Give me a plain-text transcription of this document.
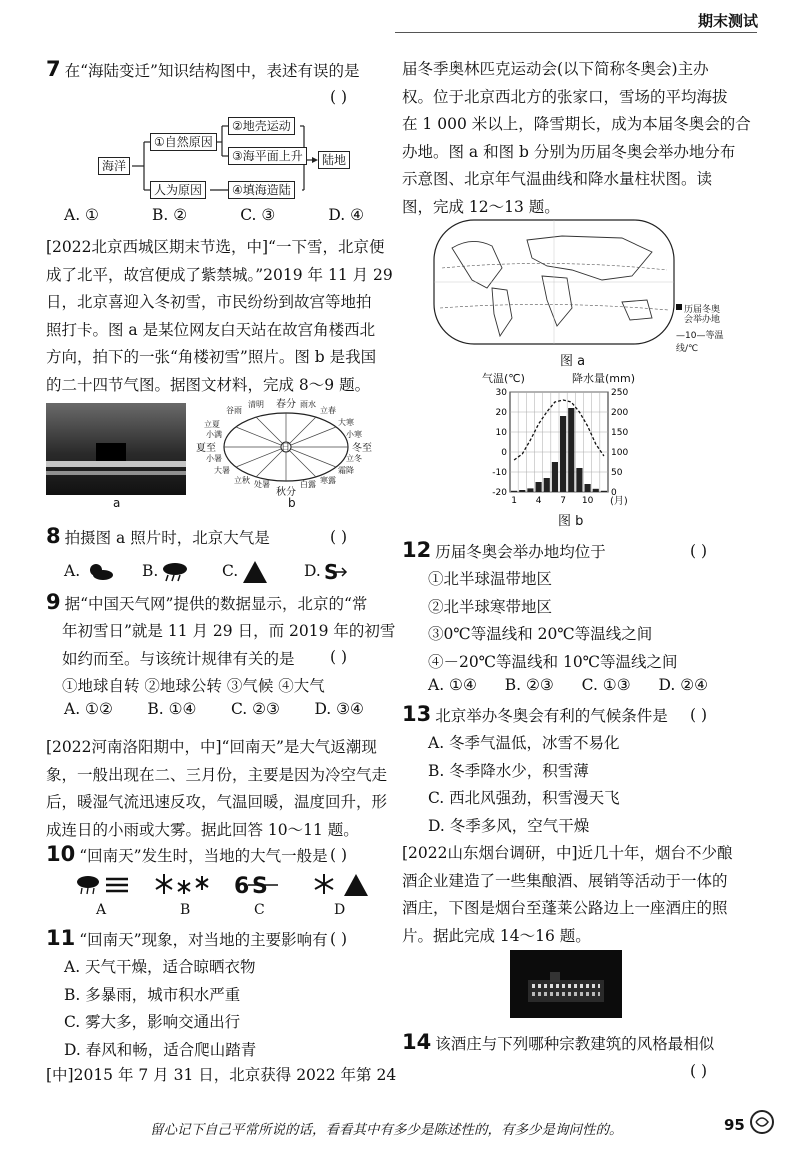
期末测试
7 在“海陆变迁”知识结构图中，表述有误的是
( )
海洋
①自然原因
人为原因
②地壳运动
③海平面上升
④填海造陆
陆地
A. ①	B. ②	C. ③	D. ④
[2022北京西城区期末节选，中]“一下雪，北京便
成了北平，故宫便成了紫禁城。”2019 年 11 月 29
日，北京喜迎入冬初雪，市民纷纷到故宫等地拍
照打卡。图 a 是某位网友白天站在故宫角楼西北
方向，拍下的一张“角楼初雪”照片。图 b 是我国
的二十四节气图。据图文材料，完成 8～9 题。
a
春分
秋分
夏至	冬至
日
谷雨
清明
立夏
小满
小暑
大暑
立秋 处暑	白露 寒露
霜降
立冬
小寒
大寒
立春
雨水
b
8 拍摄图 a 照片时，北京大气是	( )
A.	B.	C.	D. S
9 据“中国天气网”提供的数据显示，北京的“常
年初雪日”就是 11 月 29 日，而 2019 年的初雪
如约而至。与该统计规律有关的是
①地球自转 ②地球公转 ③气候 ④大气
( )
A. ①② B. ①④ C. ②③ D. ③④
[2022河南洛阳期中，中]“回南天”是大气返潮现
象，一般出现在二、三月份，主要是因为冷空气走
后，暖湿气流迅速反攻，气温回暖，温度回升，形
成连日的小雨或大雾。据此回答 10～11 题。
10 “回南天”发生时，当地的大气一般是 ( )
6 S
A	B	C	D
11 “回南天”现象，对当地的主要影响有 ( )
A. 天气干燥，适合晾晒衣物
B. 多暴雨，城市积水严重
C. 雾大多，影响交通出行
D. 春风和畅，适合爬山踏青
[中]2015 年 7 月 31 日，北京获得 2022 年第 24
届冬季奥林匹克运动会(以下简称冬奥会)主办
权。位于北京西北方的张家口，雪场的平均海拔
在 1 000 米以上，降雪期长，成为本届冬奥会的合
办地。图 a 和图 b 分别为历届冬奥会举办地分布
示意图、北京年气温曲线和降水量柱状图。读
图，完成 12～13 题。
历届冬奥
会举办地
—10—等温线/℃
图 a
气温(℃)	降水量(mm)
30
20
10
0
-10
-20
250
200
150
100
50
0
1 4 7 10 (月)
图 b
12 历届冬奥会举办地均位于	( )
①北半球温带地区
②北半球寒带地区
③0℃等温线和 20℃等温线之间
④－20℃等温线和 10℃等温线之间
A. ①④ B. ②③ C. ①③ D. ②④
13 北京举办冬奥会有利的气候条件是 ( )
A. 冬季气温低，冰雪不易化
B. 冬季降水少，积雪薄
C. 西北风强劲，积雪漫天飞
D. 冬季多风，空气干燥
[2022山东烟台调研，中]近几十年，烟台不少酿
酒企业建造了一些集酿酒、展销等活动于一体的
酒庄，下图是烟台至蓬莱公路边上一座酒庄的照
片。据此完成 14～16 题。
14 该酒庄与下列哪种宗教建筑的风格最相似
( )
留心记下自己平常所说的话，看看其中有多少是陈述性的，有多少是询问性的。	95
